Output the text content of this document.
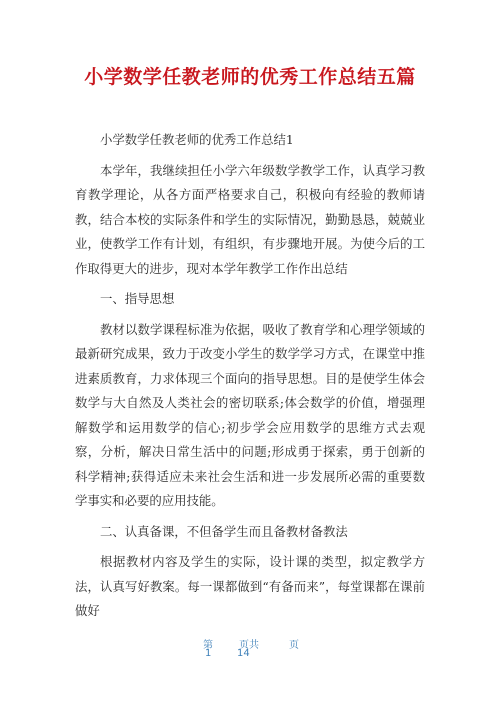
小学数学任教老师的优秀工作总结五篇

小学数学任教老师的优秀工作总结1

本学年，我继续担任小学六年级数学教学工作，认真学习教育教学理论，从各方面严格要求自己，积极向有经验的教师请教，结合本校的实际条件和学生的实际情况，勤勤恳恳，兢兢业业，使教学工作有计划，有组织，有步骤地开展。为使今后的工作取得更大的进步，现对本学年教学工作作出总结

一、指导思想

教材以数学课程标准为依据，吸收了教育学和心理学领域的最新研究成果，致力于改变小学生的数学学习方式，在课堂中推进素质教育，力求体现三个面向的指导思想。目的是使学生体会数学与大自然及人类社会的密切联系;体会数学的价值，增强理解数学和运用数学的信心;初步学会应用数学的思维方式去观察，分析，解决日常生活中的问题;形成勇于探索，勇于创新的科学精神;获得适应未来社会生活和进一步发展所必需的重要数学事实和必要的应用技能。

二、认真备课，不但备学生而且备教材备教法

根据教材内容及学生的实际，设计课的类型，拟定教学方法，认真写好教案。每一课都做到“有备而来”，每堂课都在课前做好

第
1
页共
14
页
